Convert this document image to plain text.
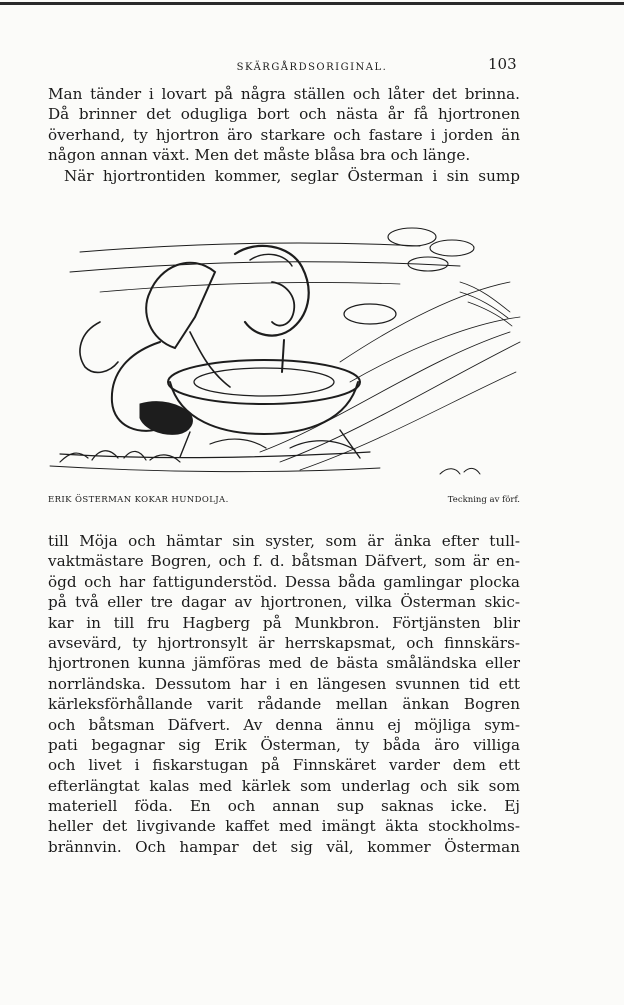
SKÄRGÅRDSORIGINAL.	103
Man tänder i lovart på några ställen och låter det brinna.
Då brinner det odugliga bort och nästa år få hjortronen
överhand, ty hjortron äro starkare och fastare i jorden än
någon annan växt. Men det måste blåsa bra och länge.
När hjortrontiden kommer, seglar Österman i sin sump
ERIK ÖSTERMAN KOKAR HUNDOLJA.	Teckning av förf.
till Möja och hämtar sin syster, som är änka efter tull-
vaktmästare Bogren, och f. d. båtsman Däfvert, som är en-
ögd och har fattigunderstöd. Dessa båda gamlingar plocka
på två eller tre dagar av hjortronen, vilka Österman skic-
kar in till fru Hagberg på Munkbron. Förtjänsten blir
avsevärd, ty hjortronsylt är herrskapsmat, och finnskärs-
hjortronen kunna jämföras med de bästa småländska eller
norrländska. Dessutom har i en längesen svunnen tid ett
kärleksförhållande varit rådande mellan änkan Bogren
och båtsman Däfvert. Av denna ännu ej möjliga sym-
pati begagnar sig Erik Österman, ty båda äro villiga
och livet i fiskarstugan på Finnskäret varder dem ett
efterlängtat kalas med kärlek som underlag och sik som
materiell föda. En och annan sup saknas icke. Ej
heller det livgivande kaffet med imängt äkta stockholms-
brännvin. Och hampar det sig väl, kommer Österman
